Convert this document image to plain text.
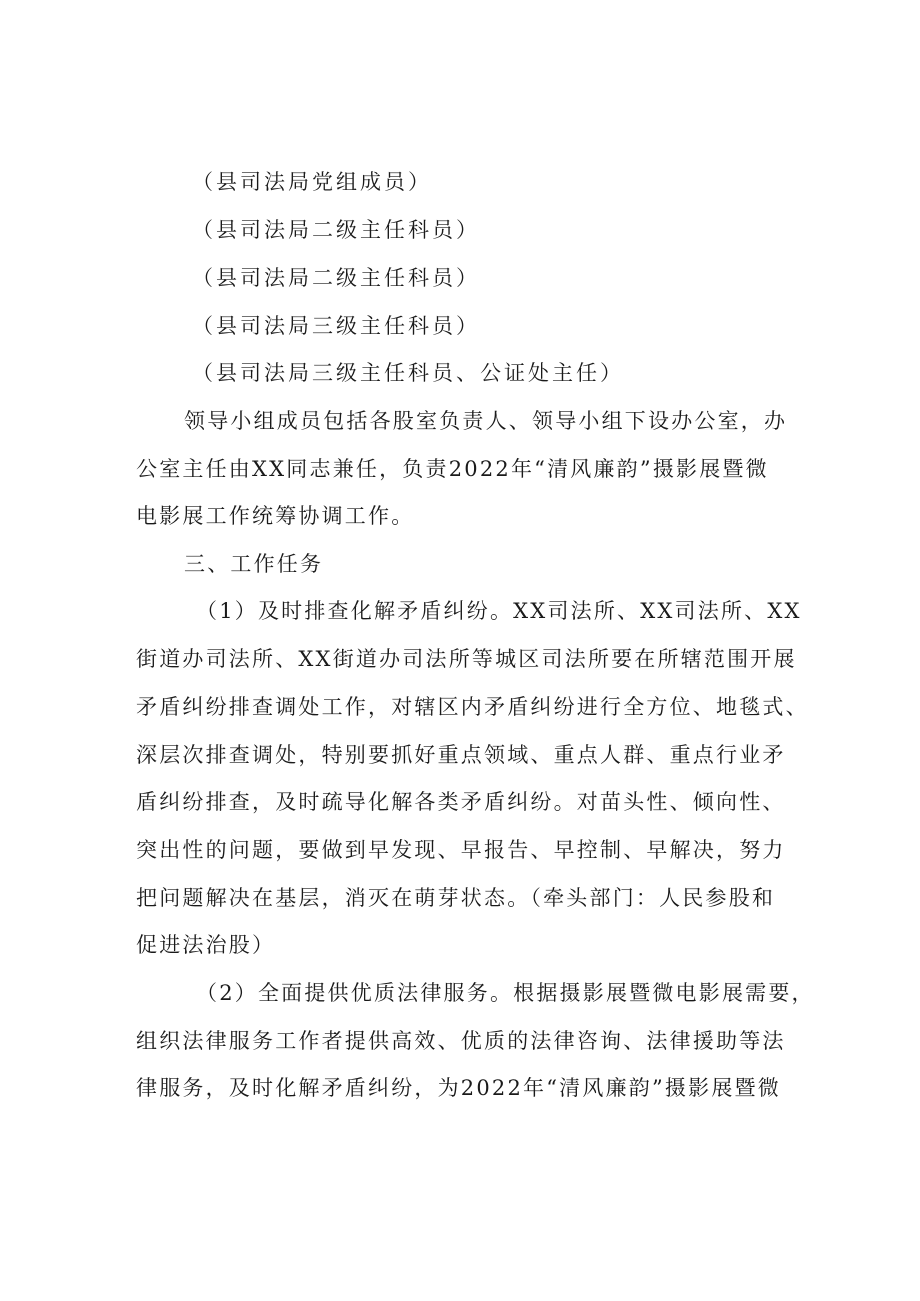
（县司法局党组成员）
（县司法局二级主任科员）
（县司法局二级主任科员）
（县司法局三级主任科员）
（县司法局三级主任科员、公证处主任）
领导小组成员包括各股室负责人、领导小组下设办公室，办
公室主任由XX同志兼任，负责2022年“清风廉韵”摄影展暨微
电影展工作统筹协调工作。
三、工作任务
（1）及时排查化解矛盾纠纷。XX司法所、XX司法所、XX
街道办司法所、XX街道办司法所等城区司法所要在所辖范围开展
矛盾纠纷排查调处工作，对辖区内矛盾纠纷进行全方位、地毯式、
深层次排查调处，特别要抓好重点领域、重点人群、重点行业矛
盾纠纷排查，及时疏导化解各类矛盾纠纷。对苗头性、倾向性、
突出性的问题，要做到早发现、早报告、早控制、早解决，努力
把问题解决在基层，消灭在萌芽状态。（牵头部门：人民参股和
促进法治股）
（2）全面提供优质法律服务。根据摄影展暨微电影展需要，
组织法律服务工作者提供高效、优质的法律咨询、法律援助等法
律服务，及时化解矛盾纠纷，为2022年“清风廉韵”摄影展暨微
